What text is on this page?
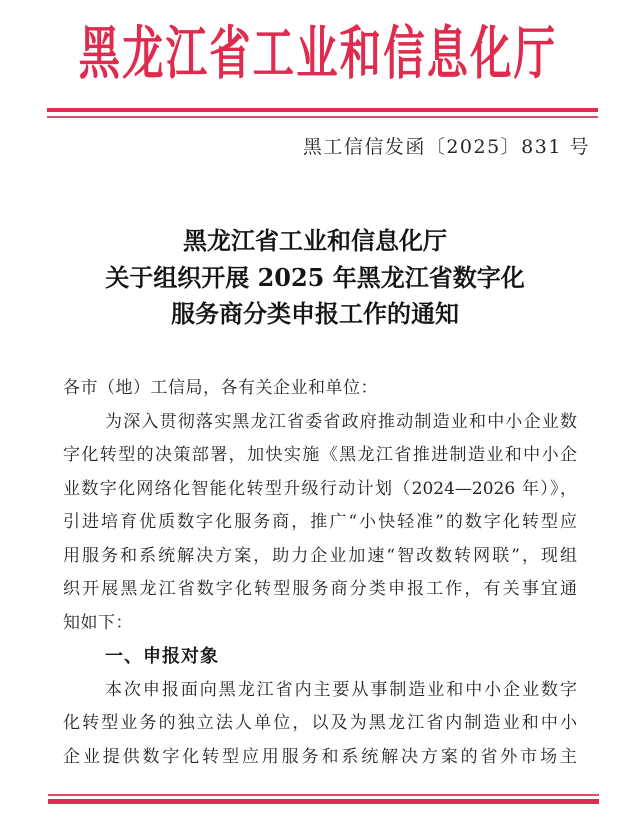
黑龙江省工业和信息化厅
黑工信信发函〔2025〕831 号
黑龙江省工业和信息化厅
关于组织开展 2025 年黑龙江省数字化
服务商分类申报工作的通知
各市（地）工信局，各有关企业和单位：
为深入贯彻落实黑龙江省委省政府推动制造业和中小企业数
字化转型的决策部署，加快实施《黑龙江省推进制造业和中小企
业数字化网络化智能化转型升级行动计划（2024—2026 年）》，
引进培育优质数字化服务商，推广“小快轻准”的数字化转型应
用服务和系统解决方案，助力企业加速“智改数转网联”，现组
织开展黑龙江省数字化转型服务商分类申报工作，有关事宜通
知如下：
一、申报对象
本次申报面向黑龙江省内主要从事制造业和中小企业数字
化转型业务的独立法人单位，以及为黑龙江省内制造业和中小
企业提供数字化转型应用服务和系统解决方案的省外市场主
